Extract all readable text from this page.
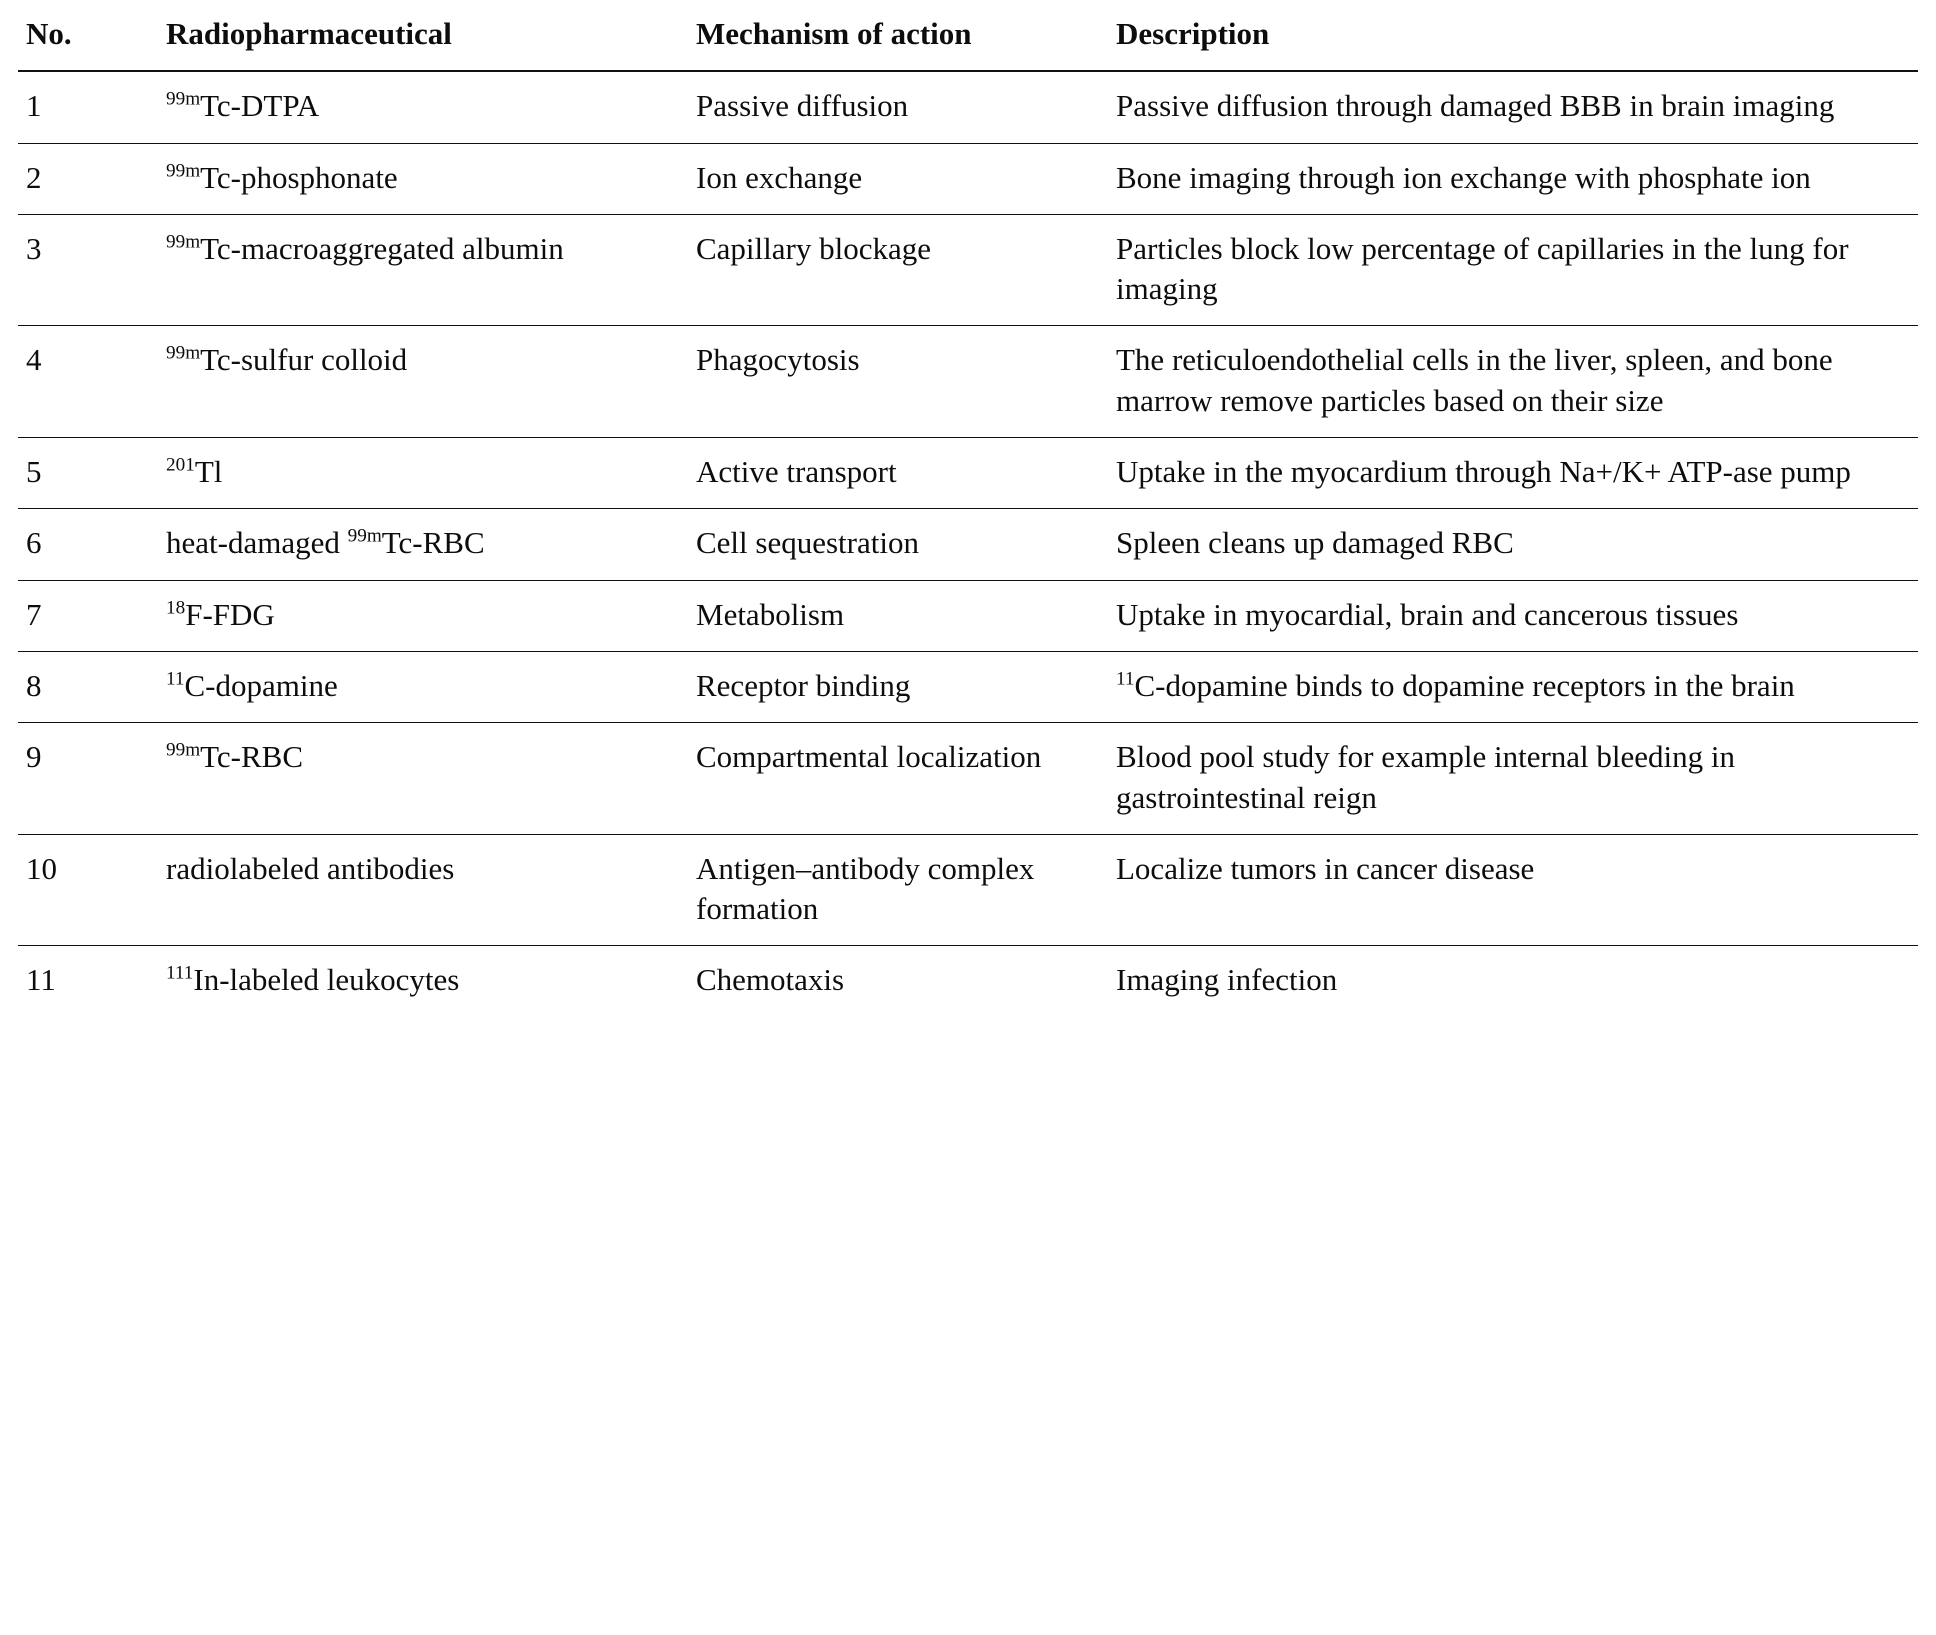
No.	Radiopharmaceutical	Mechanism of action	Description
1	$^{99m}$Tc-DTPA	Passive diffusion	Passive diffusion through damaged BBB in brain imaging
2	$^{99m}$Tc-phosphonate	Ion exchange	Bone imaging through ion exchange with phosphate ion
3	$^{99m}$Tc-macroaggregated albumin	Capillary blockage	Particles block low percentage of capillaries in the lung for imaging
4	$^{99m}$Tc-sulfur colloid	Phagocytosis	The reticuloendothelial cells in the liver, spleen, and bone marrow remove particles based on their size
5	$^{201}$Tl	Active transport	Uptake in the myocardium through Na+/K+ ATP-ase pump
6	heat-damaged $^{99m}$Tc-RBC	Cell sequestration	Spleen cleans up damaged RBC
7	$^{18}$F-FDG	Metabolism	Uptake in myocardial, brain and cancerous tissues
8	$^{11}$C-dopamine	Receptor binding	$^{11}$C-dopamine binds to dopamine receptors in the brain
9	$^{99m}$Tc-RBC	Compartmental localization	Blood pool study for example internal bleeding in gastrointestinal reign
10	radiolabeled antibodies	Antigen–antibody complex formation	Localize tumors in cancer disease
11	$^{111}$In-labeled leukocytes	Chemotaxis	Imaging infection
